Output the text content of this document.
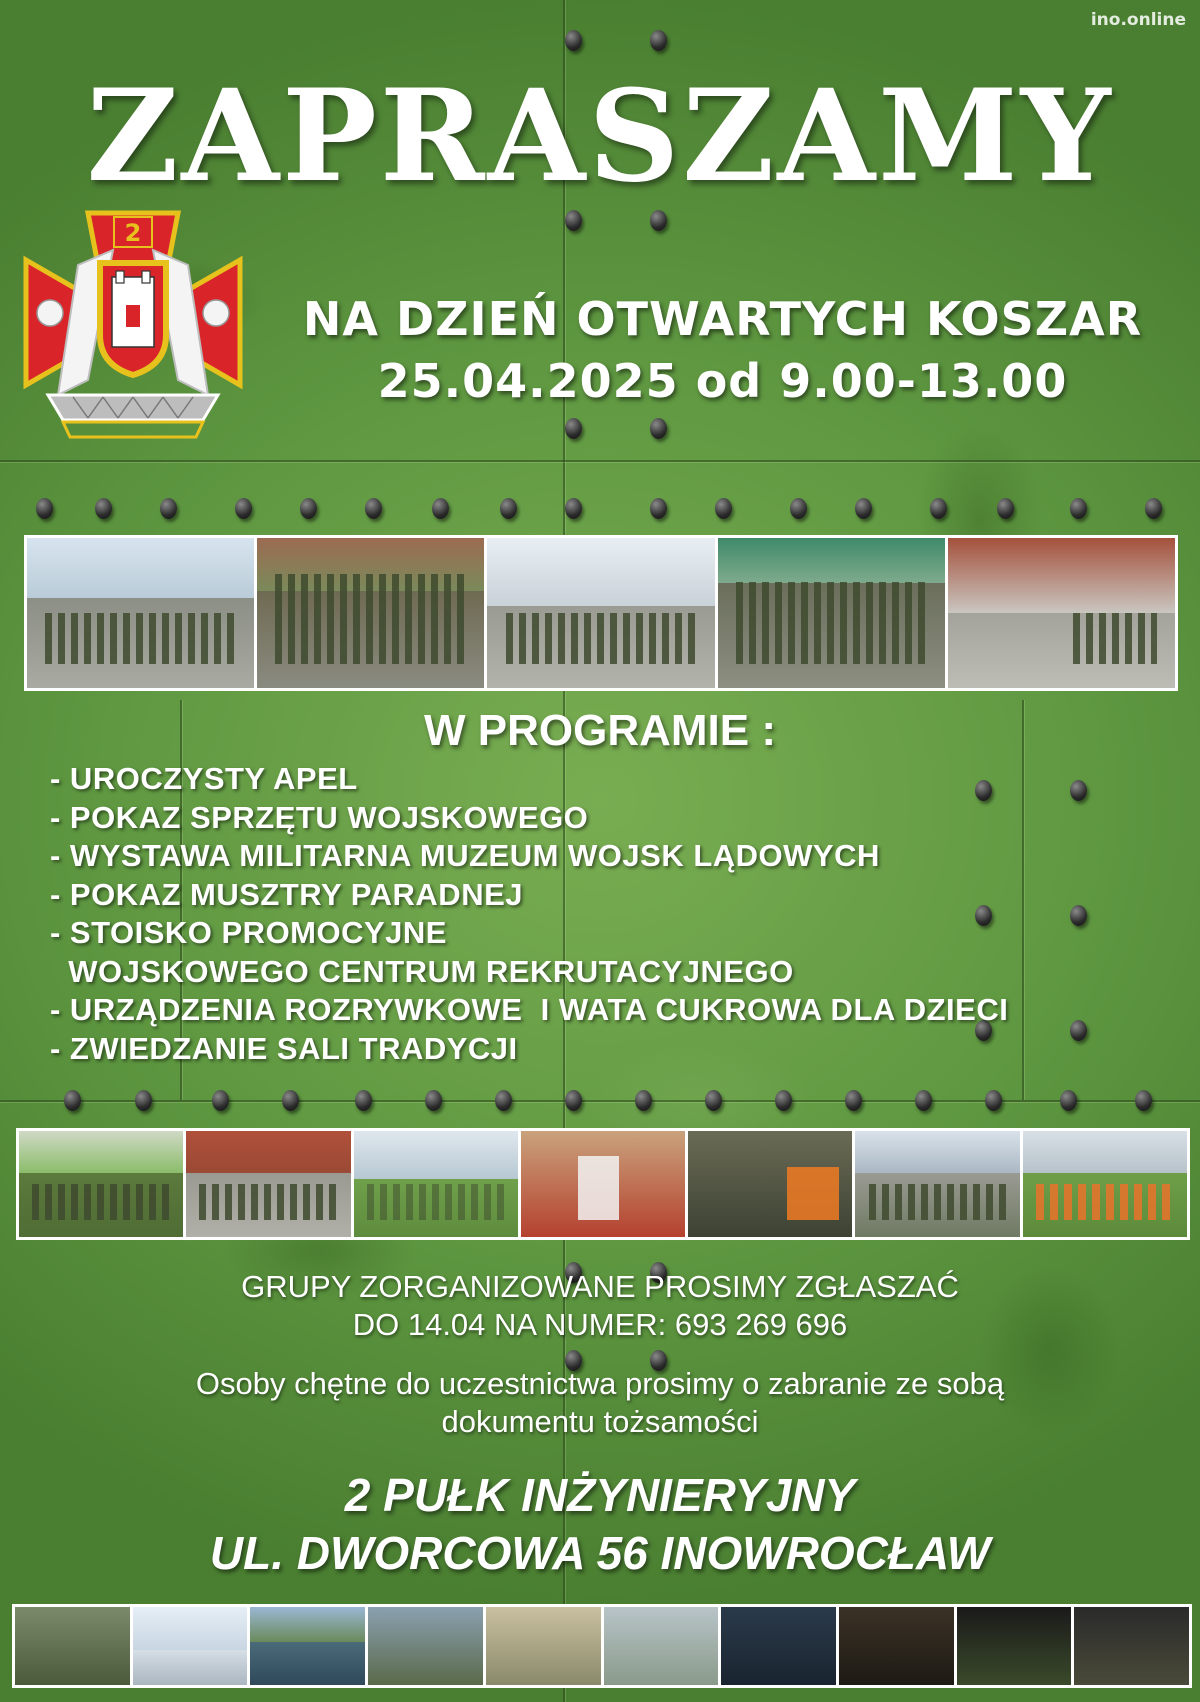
ino.online
ZAPRASZAMY
2
NA DZIEŃ OTWARTYCH KOSZAR
25.04.2025 od 9.00-13.00
W PROGRAMIE :
- UROCZYSTY APEL
- POKAZ SPRZĘTU WOJSKOWEGO
- WYSTAWA MILITARNA MUZEUM WOJSK LĄDOWYCH
- POKAZ MUSZTRY PARADNEJ
- STOISKO PROMOCYJNE
WOJSKOWEGO CENTRUM REKRUTACYJNEGO
- URZĄDZENIA ROZRYWKOWE  I WATA CUKROWA DLA DZIECI
- ZWIEDZANIE SALI TRADYCJI
GRUPY ZORGANIZOWANE PROSIMY ZGŁASZAĆ
DO 14.04 NA NUMER: 693 269 696
Osoby chętne do uczestnictwa prosimy o zabranie ze sobą
dokumentu tożsamości
2 PUŁK INŻYNIERYJNY
UL. DWORCOWA 56 INOWROCŁAW
